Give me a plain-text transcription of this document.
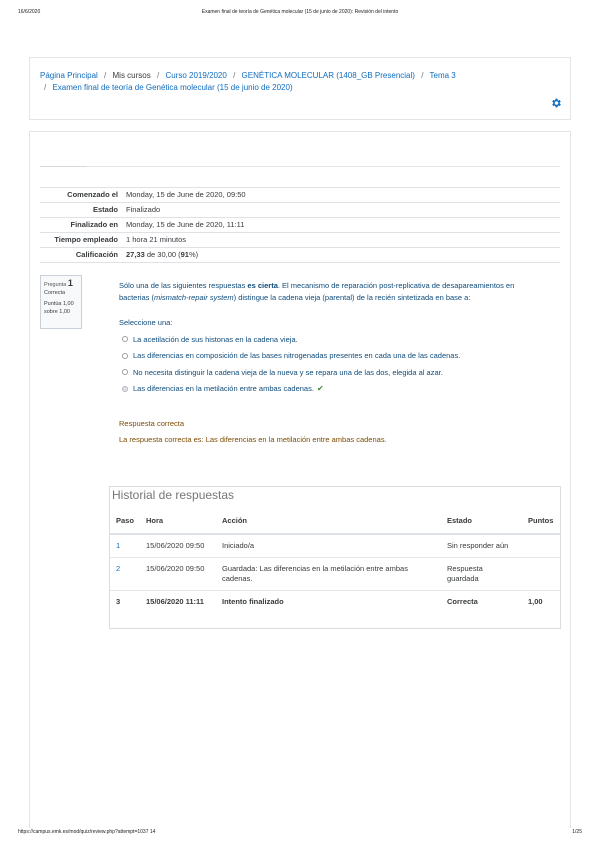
16/6/2020	Examen final de teoría de Genética molecular (15 de junio de 2020): Revisión del intento
Página Principal / Mis cursos / Curso 2019/2020 / GENÉTICA MOLECULAR (1408_GB Presencial) / Tema 3
/ Examen final de teoría de Genética molecular (15 de junio de 2020)
Comenzado el	Monday, 15 de June de 2020, 09:50
Estado	Finalizado
Finalizado en	Monday, 15 de June de 2020, 11:11
Tiempo empleado	1 hora 21 minutos
Calificación	27,33 de 30,00 (91%)
Pregunta 1
Correcta
Puntúa 1,00 sobre 1,00
Sólo una de las siguientes respuestas es cierta. El mecanismo de reparación post-replicativa de desapareamientos en bacterias (mismatch-repair system) distingue la cadena vieja (parental) de la recién sintetizada en base a:
Seleccione una:
La acetilación de sus histonas en la cadena vieja.
Las diferencias en composición de las bases nitrogenadas presentes en cada una de las cadenas.
No necesita distinguir la cadena vieja de la nueva y se repara una de las dos, elegida al azar.
Las diferencias en la metilación entre ambas cadenas. ✔
Respuesta correcta
La respuesta correcta es: Las diferencias en la metilación entre ambas cadenas.
Historial de respuestas
Paso	Hora	Acción	Estado	Puntos
1	15/06/2020 09:50	Iniciado/a	Sin responder aún	
2	15/06/2020 09:50	Guardada: Las diferencias en la metilación entre ambas cadenas.	Respuesta guardada	
3	15/06/2020 11:11	Intento finalizado	Correcta	1,00
https://campus.emk.es/mod/quiz/review.php?attempt=1037 14	1/25
